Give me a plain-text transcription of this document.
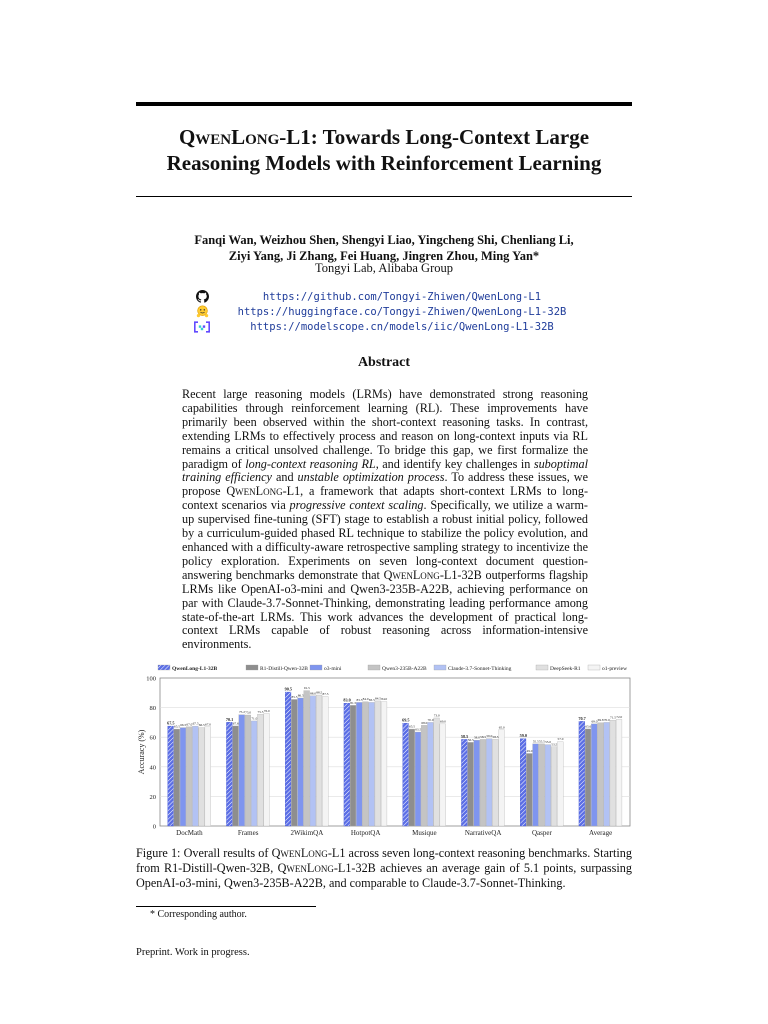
QwenLong-L1: Towards Long-Context Large Reasoning Models with Reinforcement Learning
Fanqi Wan, Weizhou Shen, Shengyi Liao, Yingcheng Shi, Chenliang Li,
Ziyi Yang, Ji Zhang, Fei Huang, Jingren Zhou, Ming Yan*
Tongyi Lab, Alibaba Group
https://github.com/Tongyi-Zhiwen/QwenLong-L1
https://huggingface.co/Tongyi-Zhiwen/QwenLong-L1-32B
https://modelscope.cn/models/iic/QwenLong-L1-32B
Abstract

Recent large reasoning models (LRMs) have demonstrated strong reasoning capabilities through reinforcement learning (RL). These improvements have primarily been observed within the short-context reasoning tasks. In contrast, extending LRMs to effectively process and reason on long-context inputs via RL remains a critical unsolved challenge. To bridge this gap, we first formalize the paradigm of long-context reasoning RL, and identify key challenges in suboptimal training efficiency and unstable optimization process. To address these issues, we propose QwenLong-L1, a framework that adapts short-context LRMs to long-context scenarios via progressive context scaling. Specifically, we utilize a warm-up supervised fine-tuning (SFT) stage to establish a robust initial policy, followed by a curriculum-guided phased RL technique to stabilize the policy evolution, and enhanced with a difficulty-aware retrospective sampling strategy to incentivize the policy exploration. Experiments on seven long-context document question-answering benchmarks demonstrate that QwenLong-L1-32B outperforms flagship LRMs like OpenAI-o3-mini and Qwen3-235B-A22B, achieving performance on par with Claude-3.7-Sonnet-Thinking, demonstrating leading performance among state-of-the-art LRMs. This work advances the development of practical long-context LRMs capable of robust reasoning across information-intensive environments.

0
20
40
60
80
100
Accuracy (%)
QwenLong-L1-32B	R1-Distill-Qwen-32B	o3-mini	Qwen3-235B-A22B	Claude-3.7-Sonnet-Thinking	DeepSeek-R1	o1-preview
67.5
65.5 66.5 67.0 67.5 66.5 67.0
DocMath
70.1
67.6
75.2 75.0
71.0
75.5 76.0
Frames
90.5
85.5 86.5
91.5
88.0 88.5 87.5
2WikimQA
83.0
81.5
83.5 84.0 83.5 84.5 84.0
HotpotQA
69.5
65.5
63.5
68.0
70.0
73.0
69.0
Musique
58.5
56.5
58.0 58.5 59.0 58.5
65.0
NarrativeQA
59.0
49.0
55.5 55.5 55.0
53.5
57.0
Qasper
70.7
65.6
69.0 69.8 70.0
71.5 72.0
Average
Figure 1: Overall results of QwenLong-L1 across seven long-context reasoning benchmarks. Starting from R1-Distill-Qwen-32B, QwenLong-L1-32B achieves an average gain of 5.1 points, surpassing OpenAI-o3-mini, Qwen3-235B-A22B, and comparable to Claude-3.7-Sonnet-Thinking.
* Corresponding author.
Preprint. Work in progress.
